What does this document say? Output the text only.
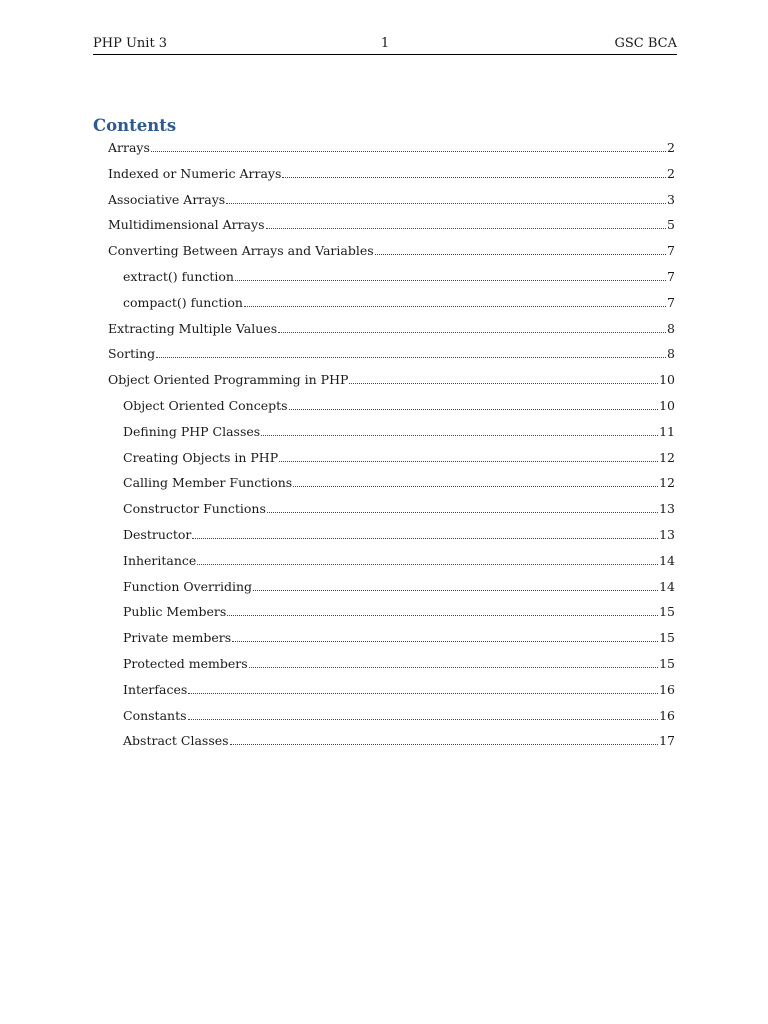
PHP Unit 3	1	GSC BCA
Contents
Arrays	2
Indexed or Numeric Arrays	2
Associative Arrays	3
Multidimensional Arrays	5
Converting Between Arrays and Variables	7
extract() function	7
compact() function	7
Extracting Multiple Values	8
Sorting	8
Object Oriented Programming in PHP	10
Object Oriented Concepts	10
Defining PHP Classes	11
Creating Objects in PHP	12
Calling Member Functions	12
Constructor Functions	13
Destructor	13
Inheritance	14
Function Overriding	14
Public Members	15
Private members	15
Protected members	15
Interfaces	16
Constants	16
Abstract Classes	17
